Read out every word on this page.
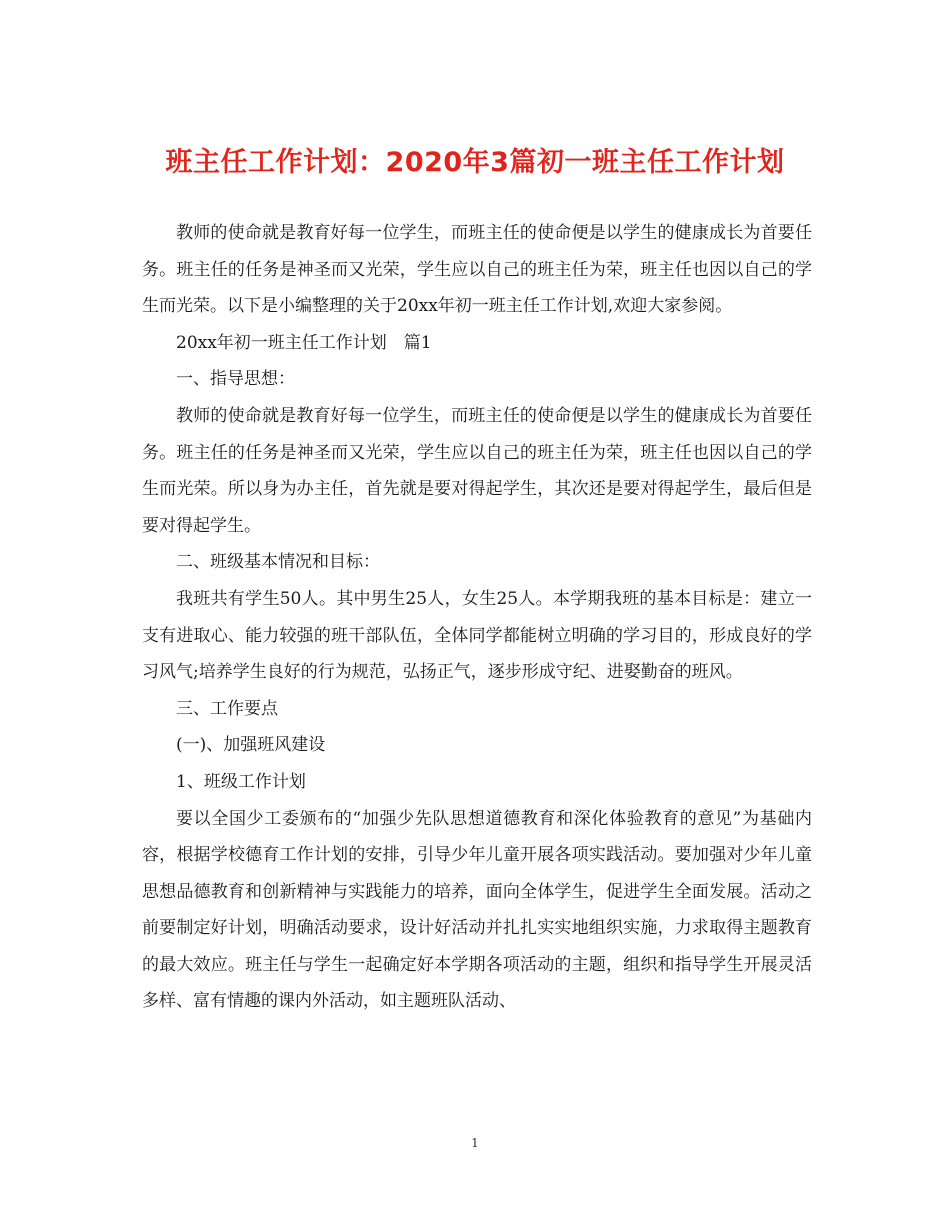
班主任工作计划：2020年3篇初一班主任工作计划

教师的使命就是教育好每一位学生，而班主任的使命便是以学生的健康成长为首要任务。班主任的任务是神圣而又光荣，学生应以自己的班主任为荣，班主任也因以自己的学生而光荣。以下是小编整理的关于20xx年初一班主任工作计划,欢迎大家参阅。

20xx年初一班主任工作计划　篇1

一、指导思想：

教师的使命就是教育好每一位学生，而班主任的使命便是以学生的健康成长为首要任务。班主任的任务是神圣而又光荣，学生应以自己的班主任为荣，班主任也因以自己的学生而光荣。所以身为办主任，首先就是要对得起学生，其次还是要对得起学生，最后但是要对得起学生。

二、班级基本情况和目标：

我班共有学生50人。其中男生25人，女生25人。本学期我班的基本目标是：建立一支有进取心、能力较强的班干部队伍，全体同学都能树立明确的学习目的，形成良好的学习风气;培养学生良好的行为规范，弘扬正气，逐步形成守纪、进娶勤奋的班风。

三、工作要点

(一)、加强班风建设

1、班级工作计划

要以全国少工委颁布的“加强少先队思想道德教育和深化体验教育的意见”为基础内容，根据学校德育工作计划的安排，引导少年儿童开展各项实践活动。要加强对少年儿童思想品德教育和创新精神与实践能力的培养，面向全体学生，促进学生全面发展。活动之前要制定好计划，明确活动要求，设计好活动并扎扎实实地组织实施，力求取得主题教育的最大效应。班主任与学生一起确定好本学期各项活动的主题，组织和指导学生开展灵活多样、富有情趣的课内外活动，如主题班队活动、

1
